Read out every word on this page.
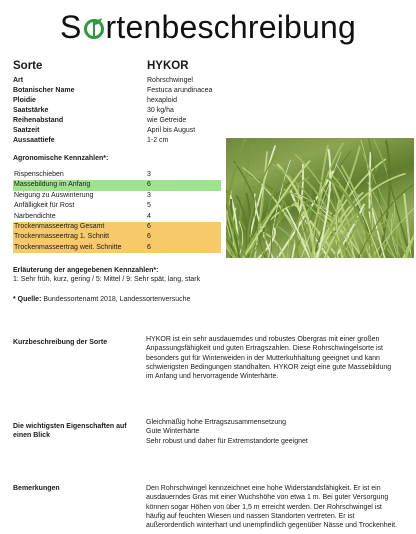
S rtenbeschreibung
Sorte	HYKOR
Art	Rohrschwingel
Botanischer Name	Festuca arundinacea
Ploidie	hexaploid
Saatstärke	30 kg/ha
Reihenabstand	wie Getreide
Saatzeit	April bis August
Aussaattiefe	1-2 cm
Agronomische Kennzahlen*:
Rispenschieben	3
Massebildung im Anfang	6
Neigung zu Auswinterung	3
Anfälligkeit für Rost	5
Narbendichte	4
Trockenmasseertrag Gesamt	6
Trockenmasseertrag 1. Schnitt	6
Trockenmasseertrag weit. Schnitte	6
Erläuterung der angegebenen Kennzahlen*:
1: Sehr früh, kurz, gering / 5: Mittel / 9: Sehr spät, lang, stark
* Quelle: Bundessortenamt 2018, Landessortenversuche
Kurzbeschreibung der Sorte	HYKOR ist ein sehr ausdauerndes und robustes Obergras mit einer großen
Anpassungsfähigkeit und guten Ertragszahlen. Diese Rohrschwingelsorte ist
besonders gut für Winterweiden in der Mutterkuhhaltung geeignet und kann
schwierigsten Bedingungen standhalten. HYKOR zeigt eine gute Massebildung
im Anfang und hervorragende Winterhärte.
Die wichtigsten Eigenschaften auf
einen Blick
Gleichmäßig hohe Ertragszusammensetzung
Gute Winterhärte
Sehr robust und daher für Extremstandorte geeignet
Bemerkungen	Den Rohrschwingel kennzeichnet eine hohe Widerstandsfähigkeit. Er ist ein
ausdauerndes Gras mit einer Wuchshöhe von etwa 1 m. Bei guter Versorgung
können sogar Höhen von über 1,5 m erreicht werden. Der Rohrschwingel ist
häufig auf feuchten Wiesen und nassen Standorten vertreten. Er ist
außerordentlich winterhart und unempfindlich gegenüber Nässe und Trockenheit.
